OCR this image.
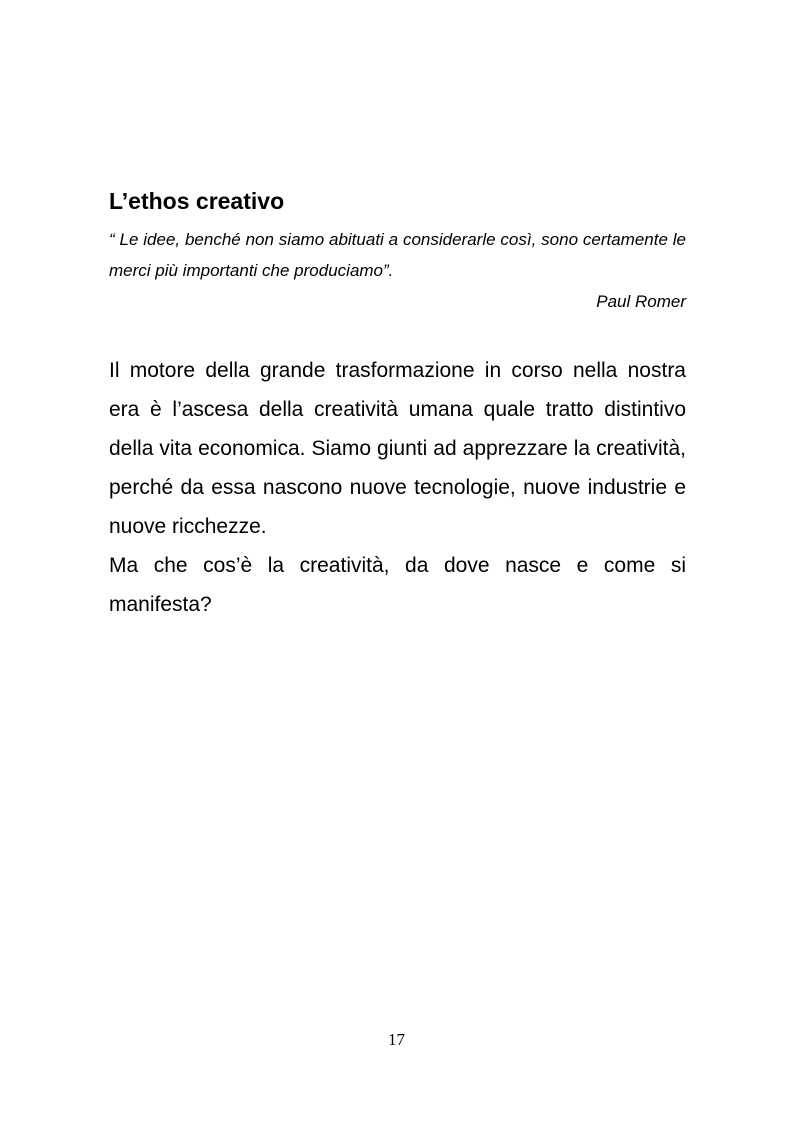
L’ethos creativo

“ Le idee, benché non siamo abituati a considerarle così, sono certamente le merci più importanti che produciamo”.

Paul Romer

Il motore della grande trasformazione in corso nella nostra era è l’ascesa della creatività umana quale tratto distintivo della vita economica. Siamo giunti ad apprezzare la creatività, perché da essa nascono nuove tecnologie, nuove industrie e nuove ricchezze.

Ma che cos’è la creatività, da dove nasce e come si manifesta?

17
